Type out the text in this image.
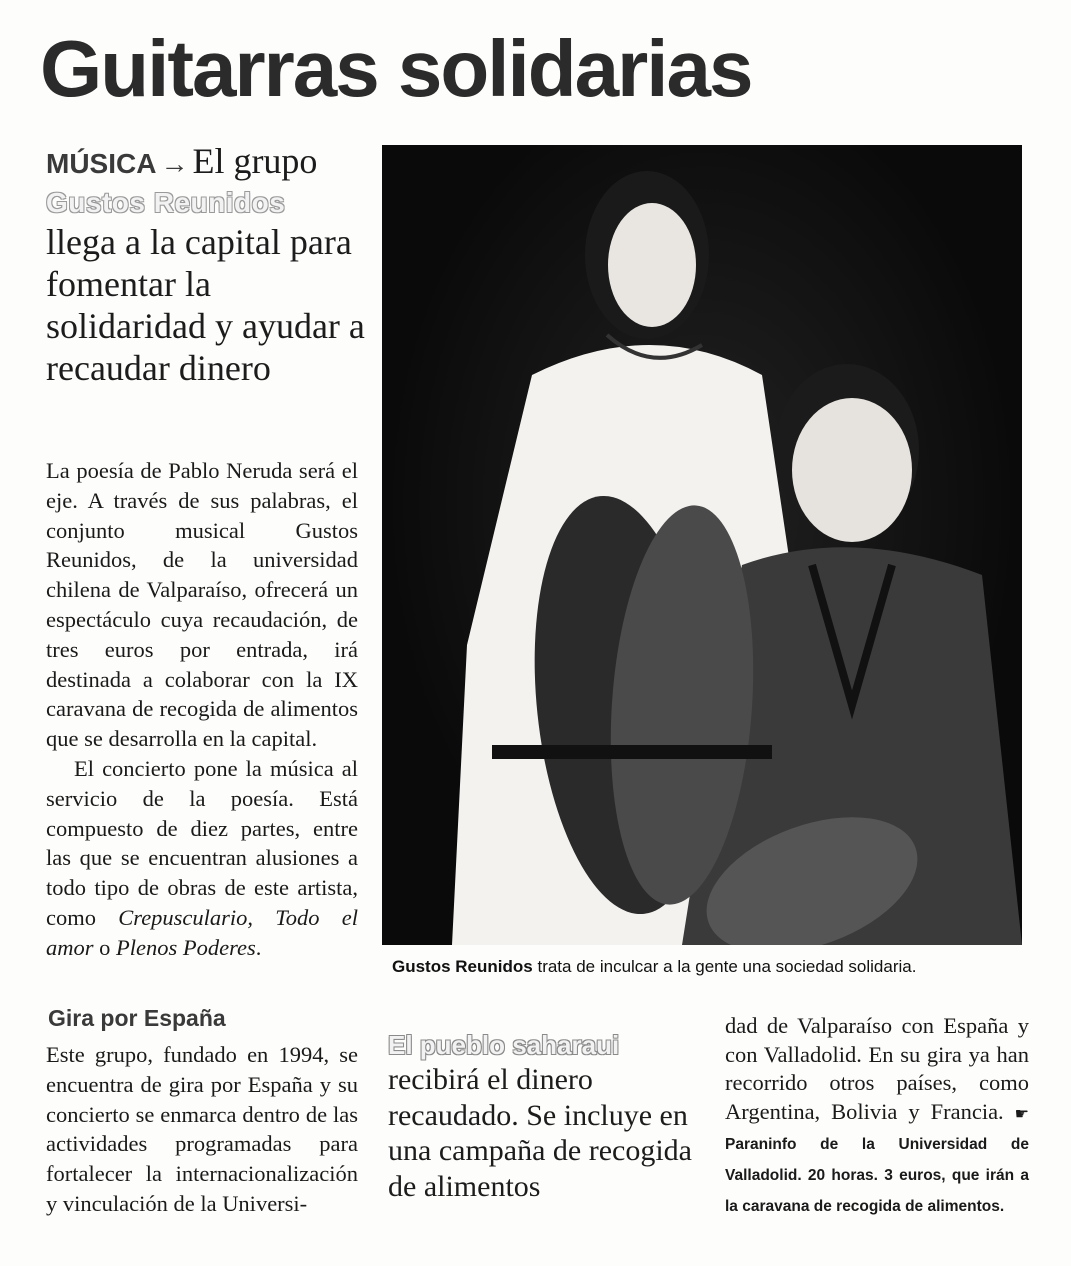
Guitarras solidarias
MÚSICA → El grupo
Gustos Reunidos
llega a la capital para fomentar la solidaridad y ayudar a recaudar dinero

La poesía de Pablo Neruda será el eje. A través de sus palabras, el conjunto musical Gustos Reunidos, de la universidad chilena de Valparaíso, ofrecerá un espectáculo cuya recaudación, de tres euros por entrada, irá destinada a colaborar con la IX caravana de recogida de alimentos que se desarrolla en la capital.

El concierto pone la música al servicio de la poesía. Está compuesto de diez partes, entre las que se encuentran alusiones a todo tipo de obras de este artista, como Crepusculario, Todo el amor o Plenos Poderes.

Gira por España
Este grupo, fundado en 1994, se encuentra de gira por España y su concierto se enmarca dentro de las actividades programadas para fortalecer la internacionalización y vinculación de la Universi-
Gustos Reunidos trata de inculcar a la gente una sociedad solidaria.
El pueblo saharaui
recibirá el dinero recaudado. Se incluye en una campaña de recogida de alimentos
dad de Valparaíso con España y con Valladolid. En su gira ya han recorrido otros países, como Argentina, Bolivia y Francia. ☛ Paraninfo de la Universidad de Valladolid. 20 horas. 3 euros, que irán a la caravana de recogida de alimentos.
